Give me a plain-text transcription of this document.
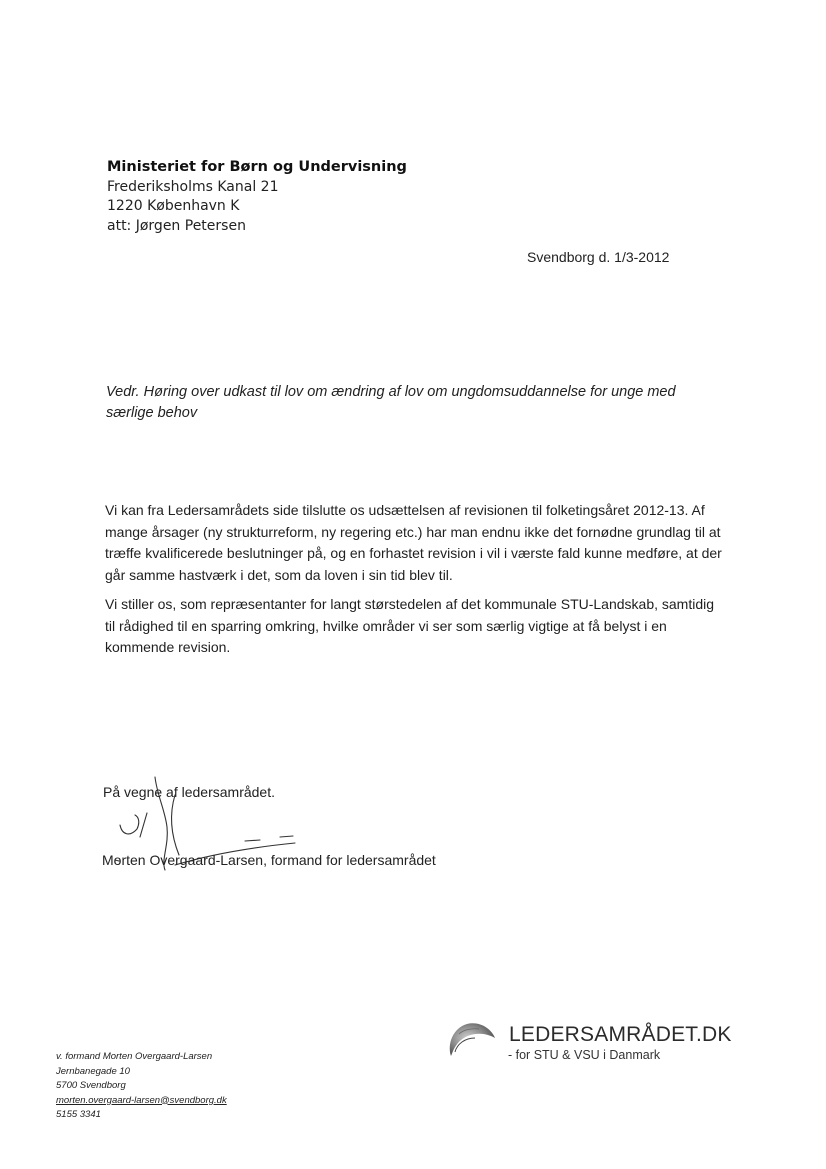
Ministeriet for Børn og Undervisning
Frederiksholms Kanal 21
1220 København K
att: Jørgen Petersen
Svendborg d. 1/3-2012
Vedr. Høring over udkast til lov om ændring af lov om ungdomsuddannelse for unge med særlige behov

Vi kan fra Ledersamrådets side tilslutte os udsættelsen af revisionen til folketingsåret 2012-13. Af mange årsager (ny strukturreform, ny regering etc.) har man endnu ikke det fornødne grundlag til at træffe kvalificerede beslutninger på, og en forhastet revision i vil i værste fald kunne medføre, at der går samme hastværk i det, som da loven i sin tid blev til.

Vi stiller os, som repræsentanter for langt størstedelen af det kommunale STU-Landskab, samtidig til rådighed til en sparring omkring, hvilke områder vi ser som særlig vigtige at få belyst i en kommende revision.

På vegne af ledersamrådet.
Morten Overgaard-Larsen, formand for ledersamrådet
LEDERSAMRÅDET.DK
- for STU & VSU i Danmark
v. formand Morten Overgaard-Larsen
Jernbanegade 10
5700 Svendborg
morten.overgaard-larsen@svendborg.dk
5155 3341
